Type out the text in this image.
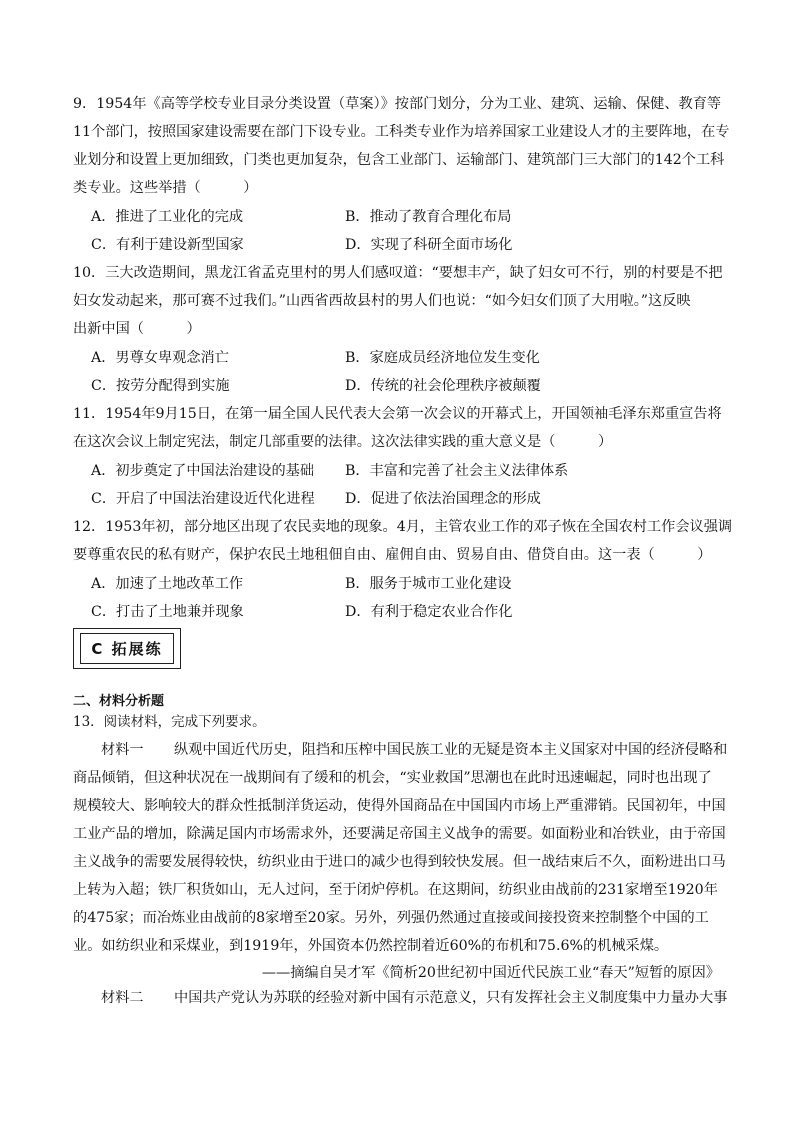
9．1954年《高等学校专业目录分类设置（草案）》按部门划分，分为工业、建筑、运输、保健、教育等
11个部门，按照国家建设需要在部门下设专业。工科类专业作为培养国家工业建设人才的主要阵地，在专
业划分和设置上更加细致，门类也更加复杂，包含工业部门、运输部门、建筑部门三大部门的142个工科
类专业。这些举措（　　　）
A．推进了工业化的完成	B．推动了教育合理化布局
C．有利于建设新型国家	D．实现了科研全面市场化
10．三大改造期间，黑龙江省孟克里村的男人们感叹道：“要想丰产，缺了妇女可不行，别的村要是不把
妇女发动起来，那可赛不过我们。”山西省西故县村的男人们也说：“如今妇女们顶了大用啦。”这反映
出新中国（　　　）
A．男尊女卑观念消亡	B．家庭成员经济地位发生变化
C．按劳分配得到实施	D．传统的社会伦理秩序被颠覆
11．1954年9月15日，在第一届全国人民代表大会第一次会议的开幕式上，开国领袖毛泽东郑重宣告将
在这次会议上制定宪法，制定几部重要的法律。这次法律实践的重大意义是（　　　）
A．初步奠定了中国法治建设的基础 B．丰富和完善了社会主义法律体系
C．开启了中国法治建设近代化进程 D．促进了依法治国理念的形成
12．1953年初，部分地区出现了农民卖地的现象。4月，主管农业工作的邓子恢在全国农村工作会议强调
要尊重农民的私有财产，保护农民土地租佃自由、雇佣自由、贸易自由、借贷自由。这一表（　　　）
A．加速了土地改革工作	B．服务于城市工业化建设
C．打击了土地兼并现象	D．有利于稳定农业合作化
C 拓展练
二、材料分析题
13．阅读材料，完成下列要求。
材料一 纵观中国近代历史，阻挡和压榨中国民族工业的无疑是资本主义国家对中国的经济侵略和
商品倾销，但这种状况在一战期间有了缓和的机会，“实业救国”思潮也在此时迅速崛起，同时也出现了
规模较大、影响较大的群众性抵制洋货运动，使得外国商品在中国国内市场上严重滞销。民国初年，中国
工业产品的增加，除满足国内市场需求外，还要满足帝国主义战争的需要。如面粉业和冶铁业，由于帝国
主义战争的需要发展得较快，纺织业由于进口的减少也得到较快发展。但一战结束后不久，面粉进出口马
上转为入超；铁厂积货如山，无人过问，至于闭炉停机。在这期间，纺织业由战前的231家增至1920年
的475家；而冶炼业由战前的8家增至20家。另外，列强仍然通过直接或间接投资来控制整个中国的工
业。如纺织业和采煤业，到1919年，外国资本仍然控制着近60%的布机和75.6%的机械采煤。
——摘编自吴才军《简析20世纪初中国近代民族工业“春天”短暂的原因》
材料二 中国共产党认为苏联的经验对新中国有示范意义，只有发挥社会主义制度集中力量办大事
